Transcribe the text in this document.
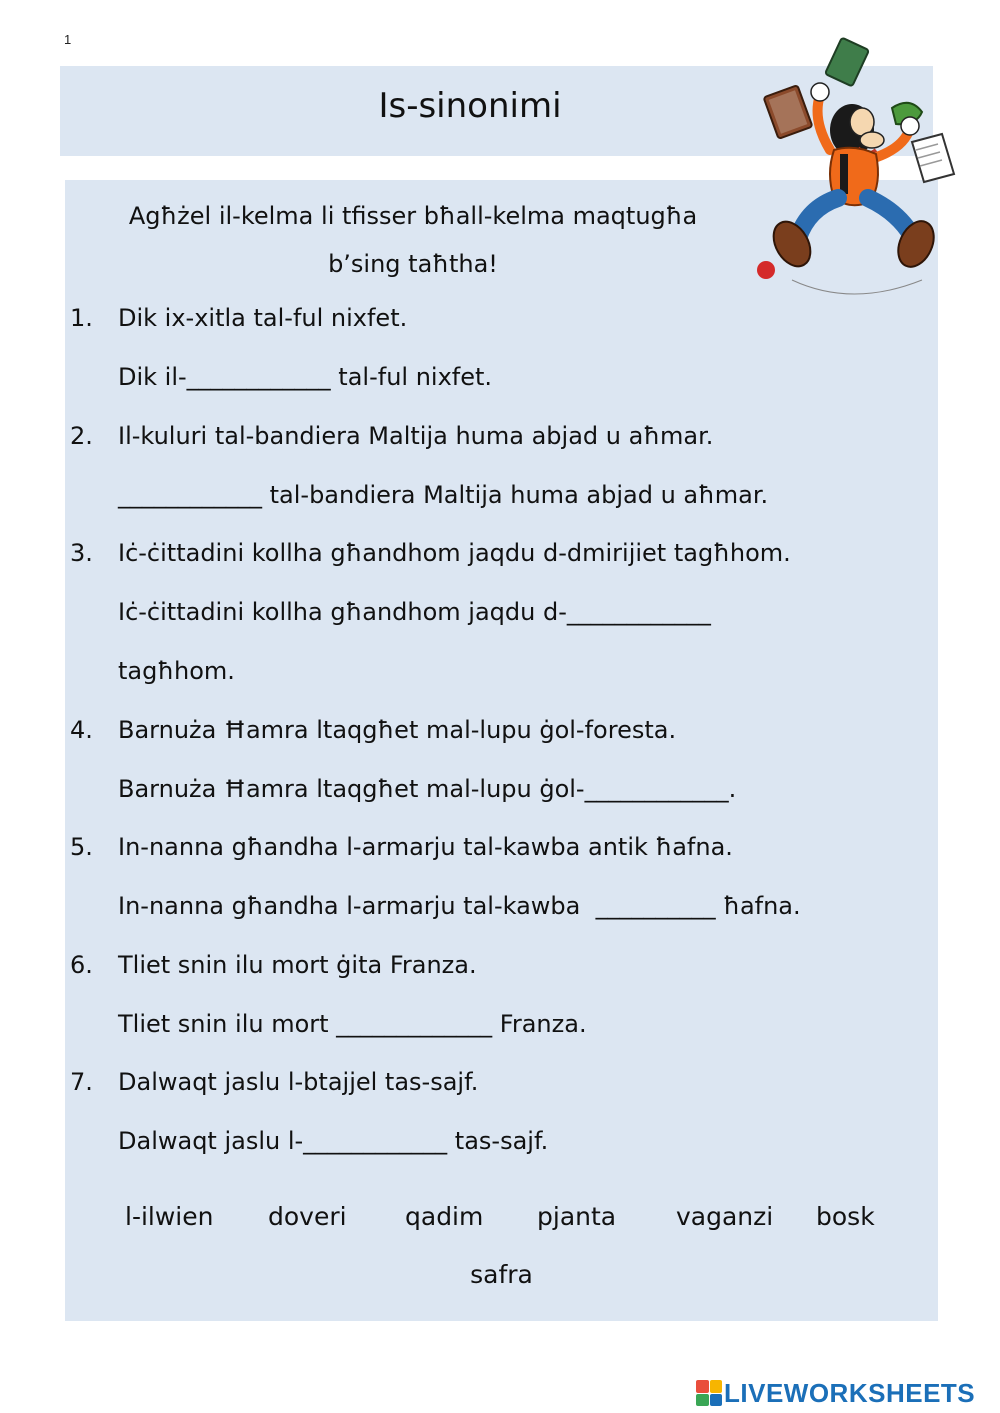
1
Is-sinonimi
Agħżel il-kelma li tfisser bħall-kelma maqtugħa
b’sing taħtha!
1. Dik ix-xitla tal-ful nixfet.
Dik il-____________ tal-ful nixfet.
2. Il-kuluri tal-bandiera Maltija huma abjad u aħmar.
____________ tal-bandiera Maltija huma abjad u aħmar.
3. Iċ-ċittadini kollha għandhom jaqdu d-dmirijiet tagħhom.
Iċ-ċittadini kollha għandhom jaqdu d-____________
tagħhom.
4. Barnuża Ħamra ltaqgħet mal-lupu ġol-foresta.
Barnuża Ħamra ltaqgħet mal-lupu ġol-____________.
5. In-nanna għandha l-armarju tal-kawba antik ħafna.
In-nanna għandha l-armarju tal-kawba  __________ ħafna.
6. Tliet snin ilu mort ġita Franza.
Tliet snin ilu mort _____________ Franza.
7. Dalwaqt jaslu l-btajjel tas-sajf.
Dalwaqt jaslu l-____________ tas-sajf.
l-ilwien doveri qadim pjanta vaganzi bosk
safra
LIVEWORKSHEETS
